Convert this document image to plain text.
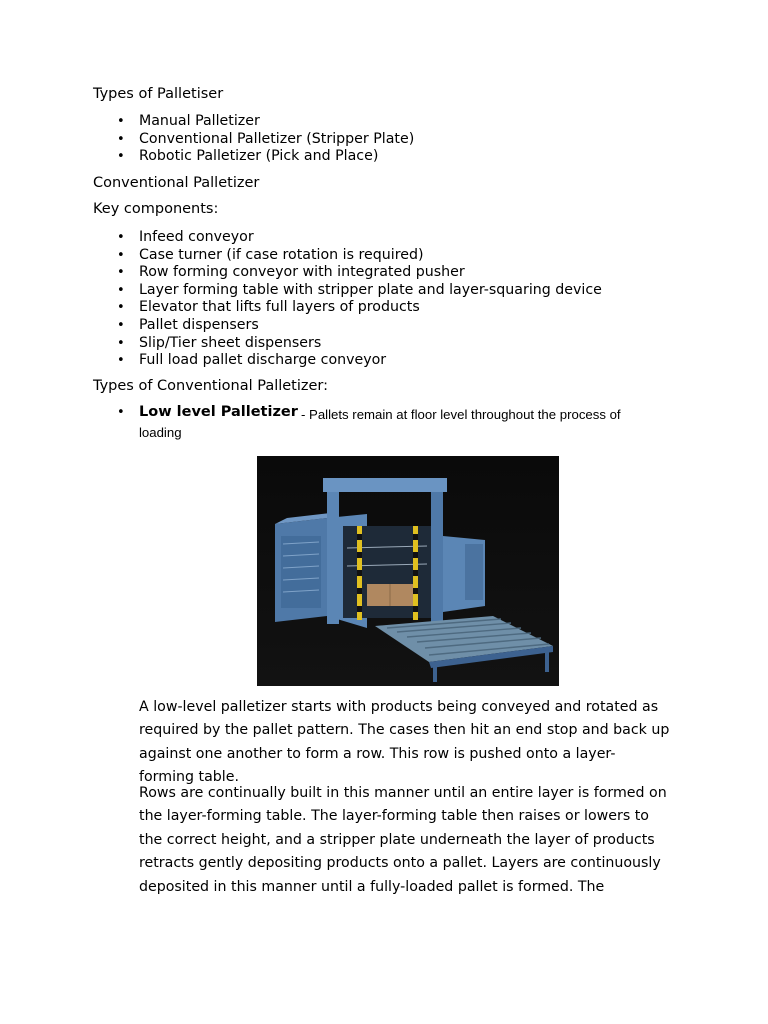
Types of Palletiser
• Manual Palletizer
• Conventional Palletizer (Stripper Plate)
• Robotic Palletizer (Pick and Place)
Conventional Palletizer
Key components:
• Infeed conveyor
• Case turner (if case rotation is required)
• Row forming conveyor with integrated pusher
• Layer forming table with stripper plate and layer-squaring device
• Elevator that lifts full layers of products
• Pallet dispensers
• Slip/Tier sheet dispensers
• Full load pallet discharge conveyor
Types of Conventional Palletizer:
• Low level Palletizer - Pallets remain at floor level throughout the process of
loading
A low-level palletizer starts with products being conveyed and rotated as
required by the pallet pattern. The cases then hit an end stop and back up
against one another to form a row. This row is pushed onto a layer-
forming table.
Rows are continually built in this manner until an entire layer is formed on
the layer-forming table. The layer-forming table then raises or lowers to
the correct height, and a stripper plate underneath the layer of products
retracts gently depositing products onto a pallet. Layers are continuously
deposited in this manner until a fully-loaded pallet is formed. The
